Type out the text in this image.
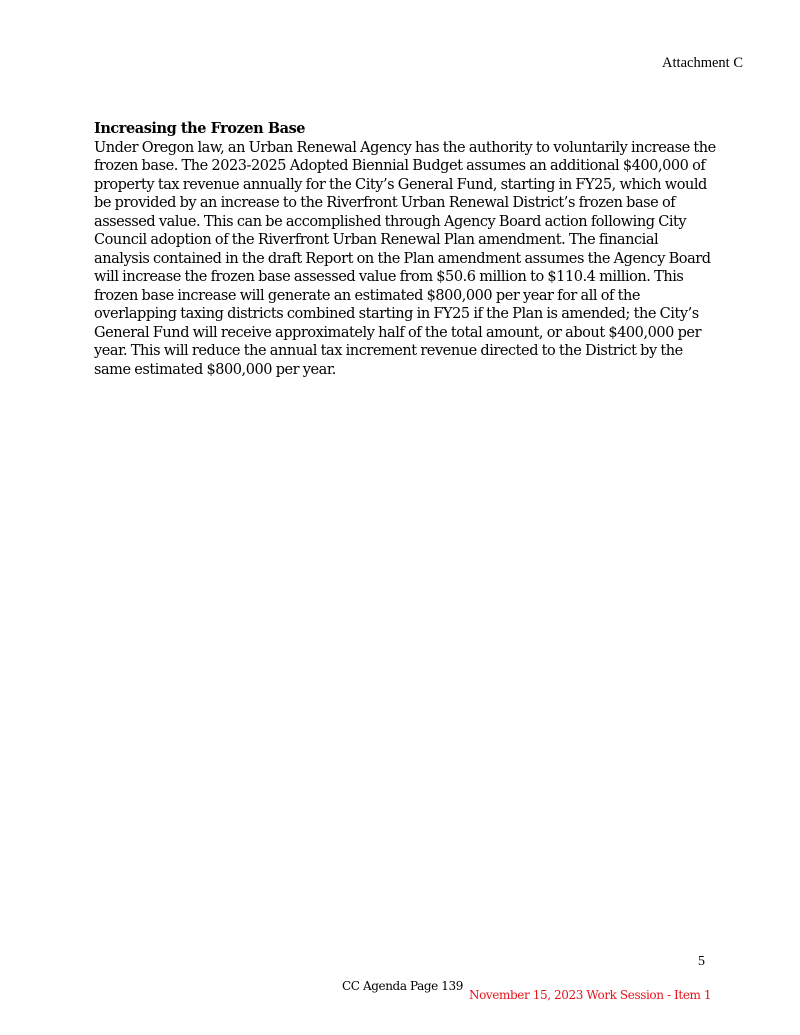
Attachment C

Increasing the Frozen Base

Under Oregon law, an Urban Renewal Agency has the authority to voluntarily increase the frozen base. The 2023-2025 Adopted Biennial Budget assumes an additional $400,000 of property tax revenue annually for the City’s General Fund, starting in FY25, which would be provided by an increase to the Riverfront Urban Renewal District’s frozen base of assessed value. This can be accomplished through Agency Board action following City Council adoption of the Riverfront Urban Renewal Plan amendment. The financial analysis contained in the draft Report on the Plan amendment assumes the Agency Board will increase the frozen base assessed value from $50.6 million to $110.4 million. This frozen base increase will generate an estimated $800,000 per year for all of the overlapping taxing districts combined starting in FY25 if the Plan is amended; the City’s General Fund will receive approximately half of the total amount, or about $400,000 per year. This will reduce the annual tax increment revenue directed to the District by the same estimated $800,000 per year.

5
CC Agenda Page 139
November 15, 2023 Work Session - Item 1
